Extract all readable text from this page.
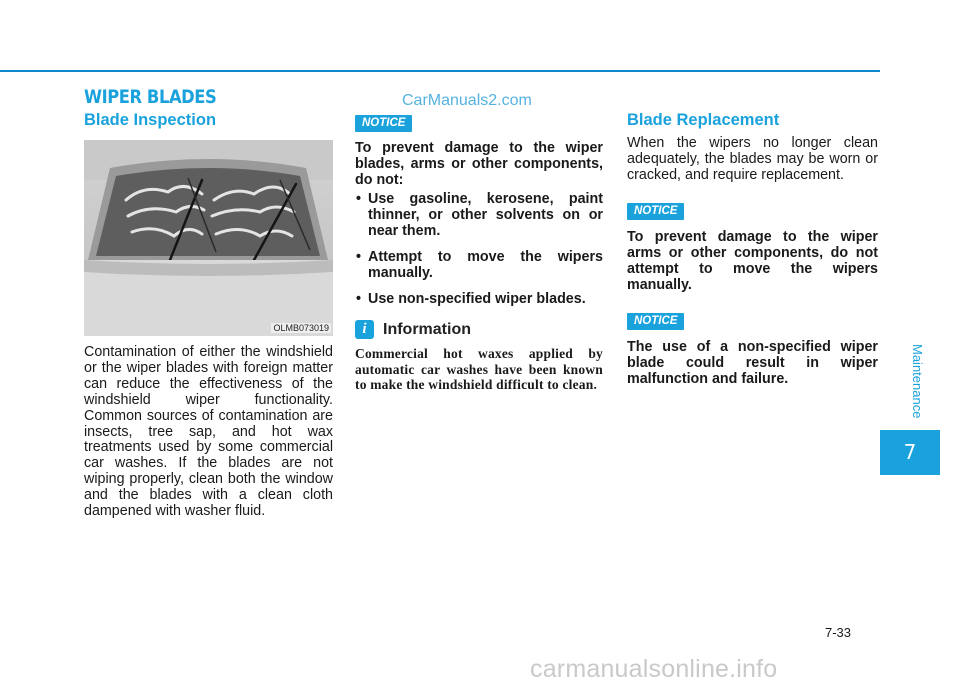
WIPER BLADES	CarManuals2.com
Blade Inspection
OLMB073019

Contamination of either the windshield or the wiper blades with foreign matter can reduce the effectiveness of the windshield wiper functionality. Common sources of contamination are insects, tree sap, and hot wax treatments used by some commercial car washes. If the blades are not wiping properly, clean both the window and the blades with a clean cloth dampened with washer fluid.

NOTICE

To prevent damage to the wiper blades, arms or other components, do not:

• Use gasoline, kerosene, paint thinner, or other solvents on or near them.
• Attempt to move the wipers manually.
• Use non-specified wiper blades.
i	Information

Commercial hot waxes applied by automatic car washes have been known to make the windshield difficult to clean.

Blade Replacement

When the wipers no longer clean adequately, the blades may be worn or cracked, and require replacement.

NOTICE

To prevent damage to the wiper arms or other components, do not attempt to move the wipers manually.

NOTICE

The use of a non-specified wiper blade could result in wiper malfunction and failure.	Maintenance
7
7-33
carmanualsonline.info
